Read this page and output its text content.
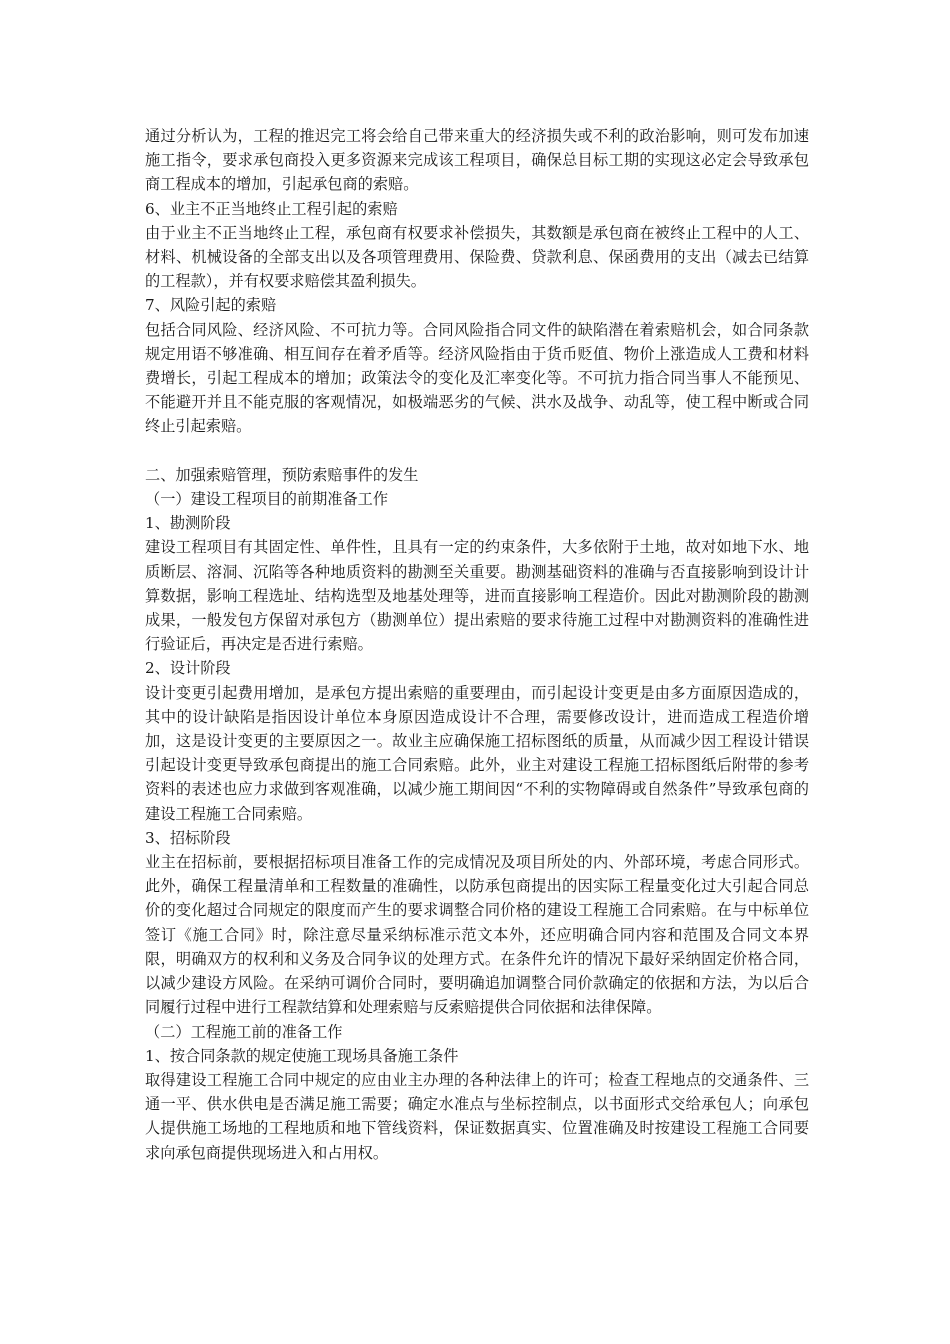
通过分析认为，工程的推迟完工将会给自己带来重大的经济损失或不利的政治影响，则可发布加速施工指令，要求承包商投入更多资源来完成该工程项目，确保总目标工期的实现这必定会导致承包商工程成本的增加，引起承包商的索赔。

6、业主不正当地终止工程引起的索赔

由于业主不正当地终止工程，承包商有权要求补偿损失，其数额是承包商在被终止工程中的人工、材料、机械设备的全部支出以及各项管理费用、保险费、贷款利息、保函费用的支出（减去已结算的工程款），并有权要求赔偿其盈利损失。

7、风险引起的索赔

包括合同风险、经济风险、不可抗力等。合同风险指合同文件的缺陷潜在着索赔机会，如合同条款规定用语不够准确、相互间存在着矛盾等。经济风险指由于货币贬值、物价上涨造成人工费和材料费增长，引起工程成本的增加；政策法令的变化及汇率变化等。不可抗力指合同当事人不能预见、不能避开并且不能克服的客观情况，如极端恶劣的气候、洪水及战争、动乱等，使工程中断或合同终止引起索赔。

二、加强索赔管理，预防索赔事件的发生

（一）建设工程项目的前期准备工作

1、勘测阶段

建设工程项目有其固定性、单件性，且具有一定的约束条件，大多依附于土地，故对如地下水、地质断层、溶洞、沉陷等各种地质资料的勘测至关重要。勘测基础资料的准确与否直接影响到设计计算数据，影响工程选址、结构选型及地基处理等，进而直接影响工程造价。因此对勘测阶段的勘测成果，一般发包方保留对承包方（勘测单位）提出索赔的要求待施工过程中对勘测资料的准确性进行验证后，再决定是否进行索赔。

2、设计阶段

设计变更引起费用增加，是承包方提出索赔的重要理由，而引起设计变更是由多方面原因造成的，其中的设计缺陷是指因设计单位本身原因造成设计不合理，需要修改设计，进而造成工程造价增加，这是设计变更的主要原因之一。故业主应确保施工招标图纸的质量，从而减少因工程设计错误引起设计变更导致承包商提出的施工合同索赔。此外，业主对建设工程施工招标图纸后附带的参考资料的表述也应力求做到客观准确，以减少施工期间因“不利的实物障碍或自然条件”导致承包商的建设工程施工合同索赔。

3、招标阶段

业主在招标前，要根据招标项目准备工作的完成情况及项目所处的内、外部环境，考虑合同形式。此外，确保工程量清单和工程数量的准确性，以防承包商提出的因实际工程量变化过大引起合同总价的变化超过合同规定的限度而产生的要求调整合同价格的建设工程施工合同索赔。在与中标单位签订《施工合同》时，除注意尽量采纳标准示范文本外，还应明确合同内容和范围及合同文本界限，明确双方的权利和义务及合同争议的处理方式。在条件允许的情况下最好采纳固定价格合同，以减少建设方风险。在采纳可调价合同时，要明确追加调整合同价款确定的依据和方法，为以后合同履行过程中进行工程款结算和处理索赔与反索赔提供合同依据和法律保障。

（二）工程施工前的准备工作

1、按合同条款的规定使施工现场具备施工条件

取得建设工程施工合同中规定的应由业主办理的各种法律上的许可；检查工程地点的交通条件、三通一平、供水供电是否满足施工需要；确定水准点与坐标控制点，以书面形式交给承包人；向承包人提供施工场地的工程地质和地下管线资料，保证数据真实、位置准确及时按建设工程施工合同要求向承包商提供现场进入和占用权。
